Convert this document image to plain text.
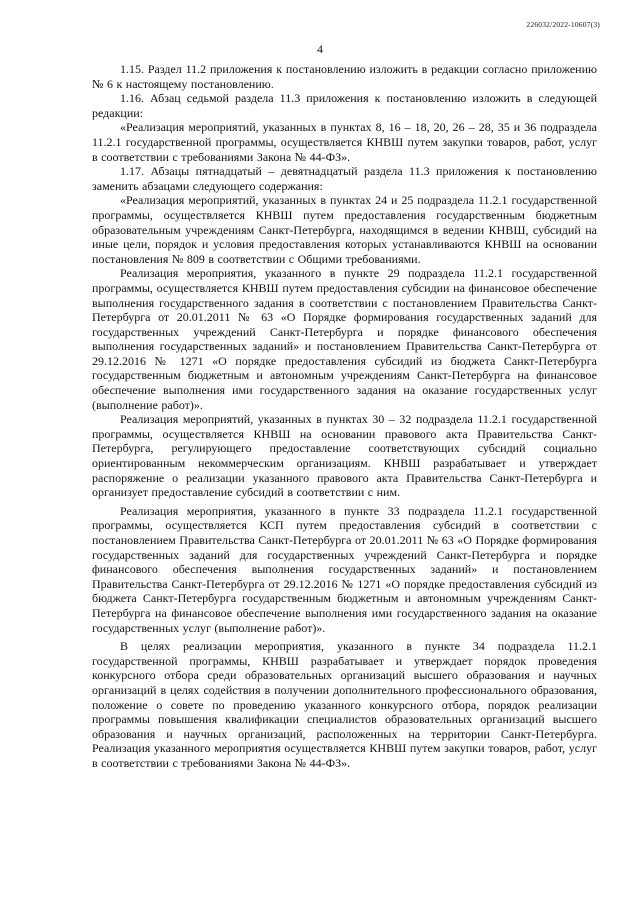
226032/2022-10607(3)
4

1.15. Раздел 11.2 приложения к постановлению изложить в редакции согласно приложению № 6 к настоящему постановлению.

1.16. Абзац седьмой раздела 11.3 приложения к постановлению изложить в следующей редакции:

«Реализация мероприятий, указанных в пунктах 8, 16 – 18, 20, 26 – 28, 35 и 36 подраздела 11.2.1 государственной программы, осуществляется КНВШ путем закупки товаров, работ, услуг в соответствии с требованиями Закона № 44-ФЗ».

1.17. Абзацы пятнадцатый – девятнадцатый раздела 11.3 приложения к постановлению заменить абзацами следующего содержания:

«Реализация мероприятий, указанных в пунктах 24 и 25 подраздела 11.2.1 государственной программы, осуществляется КНВШ путем предоставления государственным бюджетным образовательным учреждениям Санкт-Петербурга, находящимся в ведении КНВШ, субсидий на иные цели, порядок и условия предоставления которых устанавливаются КНВШ на основании постановления № 809 в соответствии с Общими требованиями.

Реализация мероприятия, указанного в пункте 29 подраздела 11.2.1 государственной программы, осуществляется КНВШ путем предоставления субсидии на финансовое обеспечение выполнения государственного задания в соответствии с постановлением Правительства Санкт-Петербурга от 20.01.2011 № 63 «О Порядке формирования государственных заданий для государственных учреждений Санкт-Петербурга и порядке финансового обеспечения выполнения государственных заданий» и постановлением Правительства Санкт-Петербурга от 29.12.2016 № 1271 «О порядке предоставления субсидий из бюджета Санкт-Петербурга государственным бюджетным и автономным учреждениям Санкт-Петербурга на финансовое обеспечение выполнения ими государственного задания на оказание государственных услуг (выполнение работ)».

Реализация мероприятий, указанных в пунктах 30 – 32 подраздела 11.2.1 государственной программы, осуществляется КНВШ на основании правового акта Правительства Санкт-Петербурга, регулирующего предоставление соответствующих субсидий социально ориентированным некоммерческим организациям. КНВШ разрабатывает и утверждает распоряжение о реализации указанного правового акта Правительства Санкт-Петербурга и организует предоставление субсидий в соответствии с ним.

Реализация мероприятия, указанного в пункте 33 подраздела 11.2.1 государственной программы, осуществляется КСП путем предоставления субсидий в соответствии с постановлением Правительства Санкт-Петербурга от 20.01.2011 № 63 «О Порядке формирования государственных заданий для государственных учреждений Санкт-Петербурга и порядке финансового обеспечения выполнения государственных заданий» и постановлением Правительства Санкт-Петербурга от 29.12.2016 № 1271 «О порядке предоставления субсидий из бюджета Санкт-Петербурга государственным бюджетным и автономным учреждениям Санкт-Петербурга на финансовое обеспечение выполнения ими государственного задания на оказание государственных услуг (выполнение работ)».

В целях реализации мероприятия, указанного в пункте 34 подраздела 11.2.1 государственной программы, КНВШ разрабатывает и утверждает порядок проведения конкурсного отбора среди образовательных организаций высшего образования и научных организаций в целях содействия в получении дополнительного профессионального образования, положение о совете по проведению указанного конкурсного отбора, порядок реализации программы повышения квалификации специалистов образовательных организаций высшего образования и научных организаций, расположенных на территории Санкт-Петербурга. Реализация указанного мероприятия осуществляется КНВШ путем закупки товаров, работ, услуг в соответствии с требованиями Закона № 44-ФЗ».
